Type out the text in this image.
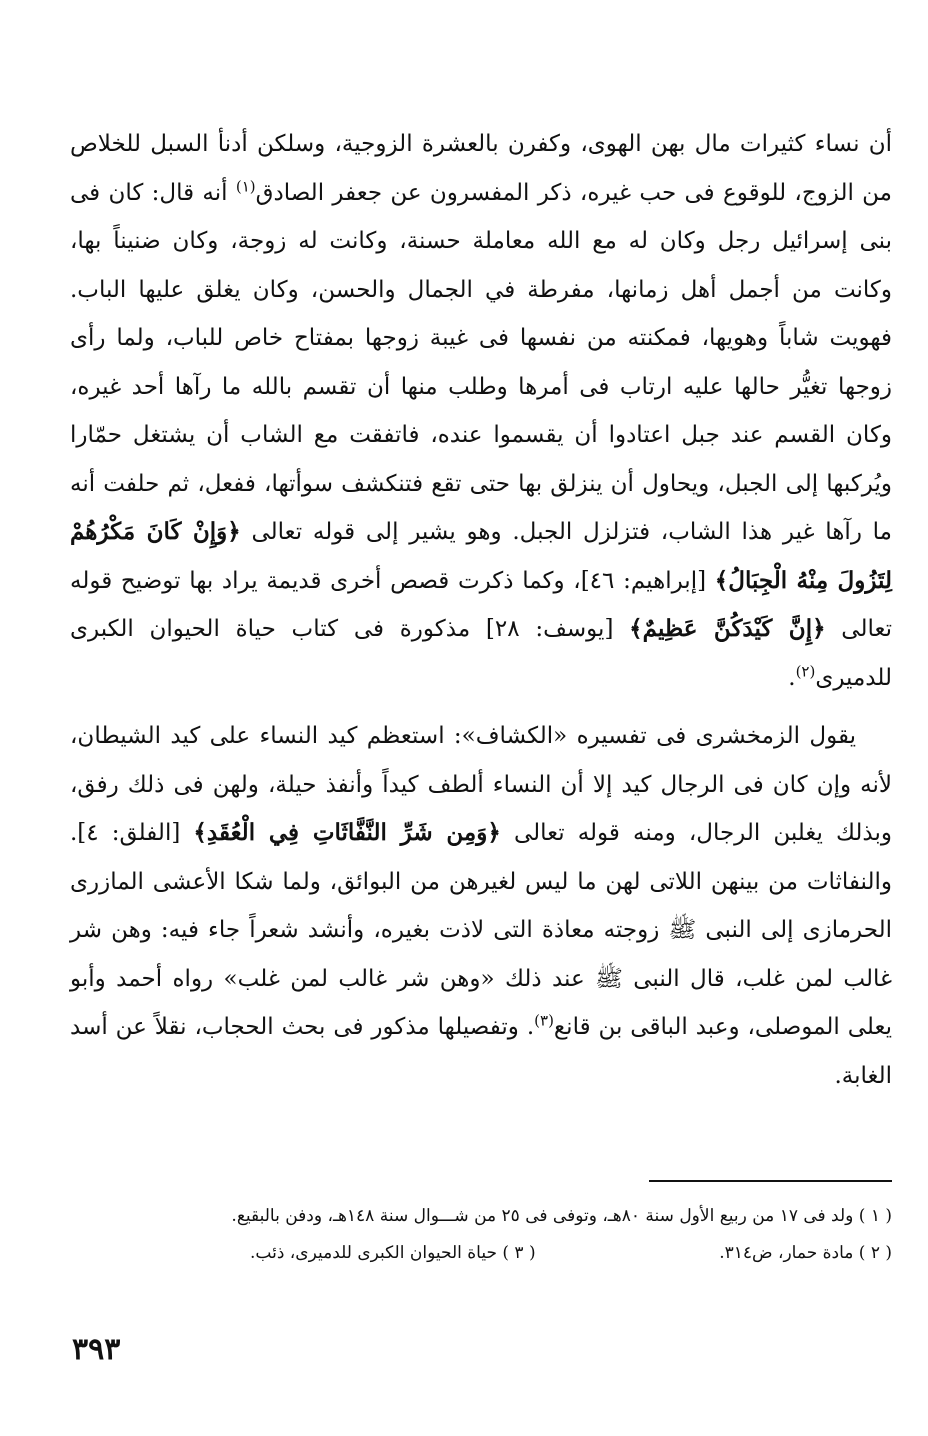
أن نساء كثيرات مال بهن الهوى، وكفرن بالعشرة الزوجية، وسلكن أدنأ السبل للخلاص من الزوج، للوقوع فى حب غيره، ذكر المفسرون عن جعفر الصادق$^{(١)}$ أنه قال: كان فى بنى إسرائيل رجل وكان له مع الله معاملة حسنة، وكانت له زوجة، وكان ضنيناً بها، وكانت من أجمل أهل زمانها، مفرطة في الجمال والحسن، وكان يغلق عليها الباب. فهويت شاباً وهويها، فمكنته من نفسها فى غيبة زوجها بمفتاح خاص للباب، ولما رأى زوجها تغيُّر حالها عليه ارتاب فى أمرها وطلب منها أن تقسم بالله ما رآها أحد غيره، وكان القسم عند جبل اعتادوا أن يقسموا عنده، فاتفقت مع الشاب أن يشتغل حمّارا ويُركبها إلى الجبل، ويحاول أن ينزلق بها حتى تقع فتنكشف سوأتها، ففعل، ثم حلفت أنه ما رآها غير هذا الشاب، فتزلزل الجبل. وهو يشير إلى قوله تعالى ﴿وَإِنْ كَانَ مَكْرُهُمْ لِتَزُولَ مِنْهُ الْجِبَالُ﴾ [إبراهيم: ٤٦]، وكما ذكرت قصص أخرى قديمة يراد بها توضيح قوله تعالى ﴿إِنَّ كَيْدَكُنَّ عَظِيمٌ﴾ [يوسف: ٢٨] مذكورة فى كتاب حياة الحيوان الكبرى للدميرى$^{(٢)}$.

يقول الزمخشرى فى تفسيره «الكشاف»: استعظم كيد النساء على كيد الشيطان، لأنه وإن كان فى الرجال كيد إلا أن النساء ألطف كيداً وأنفذ حيلة، ولهن فى ذلك رفق، وبذلك يغلبن الرجال، ومنه قوله تعالى ﴿وَمِن شَرِّ النَّفَّاثَاتِ فِي الْعُقَدِ﴾ [الفلق: ٤]. والنفاثات من بينهن اللاتى لهن ما ليس لغيرهن من البوائق، ولما شكا الأعشى المازرى الحرمازى إلى النبى ﷺ زوجته معاذة التى لاذت بغيره، وأنشد شعراً جاء فيه: وهن شر غالب لمن غلب، قال النبى ﷺ عند ذلك «وهن شر غالب لمن غلب» رواه أحمد وأبو يعلى الموصلى، وعبد الباقى بن قانع$^{(٣)}$. وتفصيلها مذكور فى بحث الحجاب، نقلاً عن أسد الغابة.

( ١ ) ولد فى ١٧ من ربيع الأول سنة ٨٠هـ، وتوفى فى ٢٥ من شـــوال سنة ١٤٨هـ، ودفن بالبقيع.

( ٢ ) مادة حمار، ض٣١٤.

( ٣ ) حياة الحيوان الكبرى للدميرى، ذئب.

٣٩٣
